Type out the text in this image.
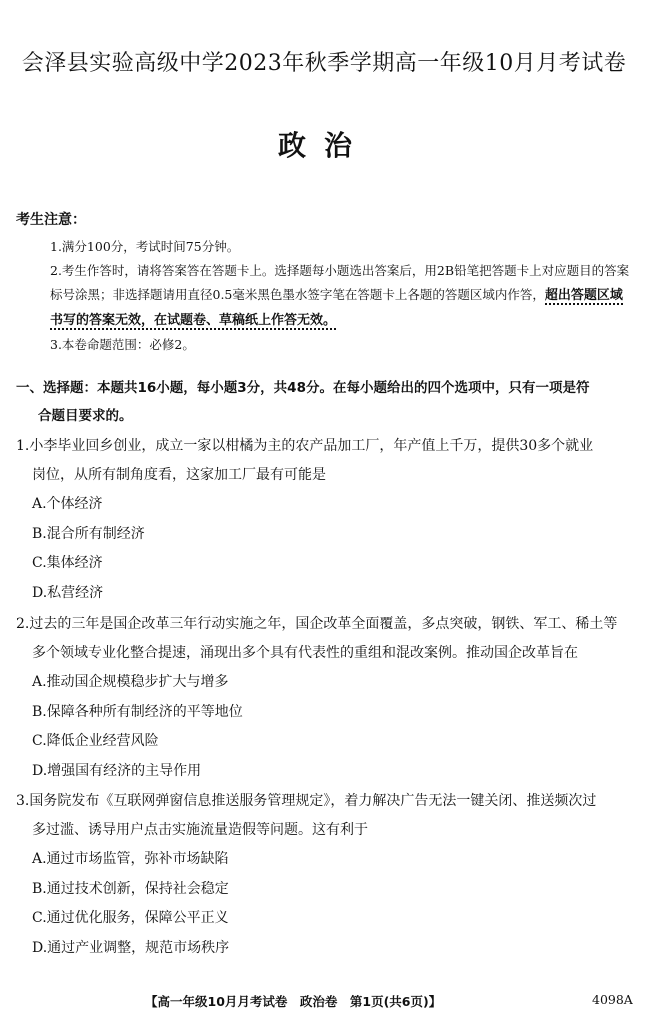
会泽县实验高级中学2023年秋季学期高一年级10月月考试卷
政治
考生注意：
1.满分100分，考试时间75分钟。
2.考生作答时，请将答案答在答题卡上。选择题每小题选出答案后，用2B铅笔把答题卡上对应题目的答案标号涂黑；非选择题请用直径0.5毫米黑色墨水签字笔在答题卡上各题的答题区域内作答，超出答题区域书写的答案无效，在试题卷、草稿纸上作答无效。
3.本卷命题范围：必修2。
一、选择题：本题共16小题，每小题3分，共48分。在每小题给出的四个选项中，只有一项是符
合题目要求的。
1.小李毕业回乡创业，成立一家以柑橘为主的农产品加工厂，年产值上千万，提供30多个就业
岗位，从所有制角度看，这家加工厂最有可能是
A.个体经济
B.混合所有制经济
C.集体经济
D.私营经济
2.过去的三年是国企改革三年行动实施之年，国企改革全面覆盖，多点突破，钢铁、军工、稀土等
多个领域专业化整合提速，涌现出多个具有代表性的重组和混改案例。推动国企改革旨在
A.推动国企规模稳步扩大与增多
B.保障各种所有制经济的平等地位
C.降低企业经营风险
D.增强国有经济的主导作用
3.国务院发布《互联网弹窗信息推送服务管理规定》，着力解决广告无法一键关闭、推送频次过
多过滥、诱导用户点击实施流量造假等问题。这有利于
A.通过市场监管，弥补市场缺陷
B.通过技术创新，保持社会稳定
C.通过优化服务，保障公平正义
D.通过产业调整，规范市场秩序
【高一年级10月月考试卷　政治卷　第1页(共6页)】	4098A
